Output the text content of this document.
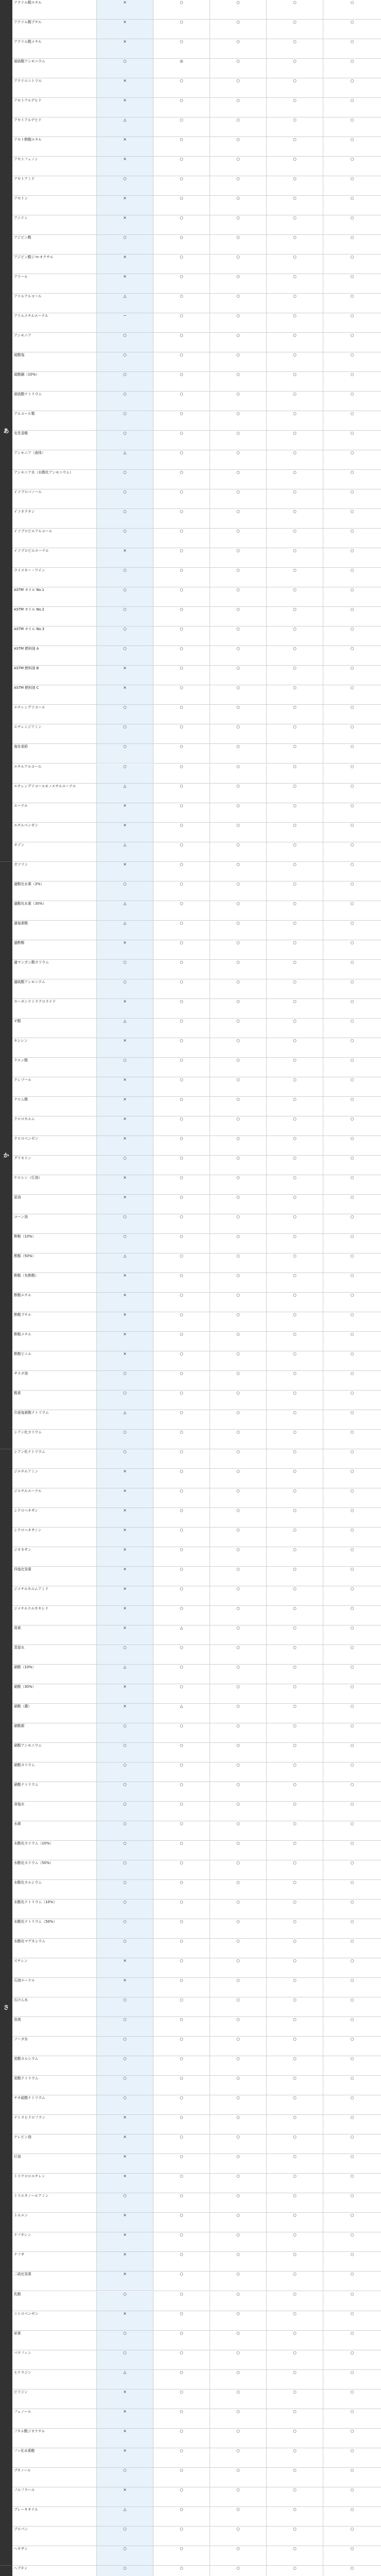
アクリル酸エチル	×	○	○	○	○
アクリル酸ブチル	×	○	○	○	○
アクリル酸メチル	×	○	○	○	○
亜硫酸アンモニウム	○	◎	○	○	○
アクリロニトリル	×	○	○	○	○
アセトアルデヒド	×	○	○	○	○
アセトアルデヒド	△	○	○	○	○
アセト酢酸エチル	×	○	○	○	○
アセトフェノン	×	○	○	○	○
アセトアミド	○	○	○	○	○
アセトン	×	○	○	○	○
アニリン	×	○	○	○	○
アジピン酸	○	○	○	○	○
アジピン酸ジ-n-オクチル	×	○	○	○	○
アリール	×	○	○	○	○
アリルアルコール	△	○	○	○	○
アリルメチルエーテル	−	○	○	○	○
アンモニア	○	○	○	○	○
硫酸塩	○	○	○	○	○
硫酸銅（10%）	○	○	○	○	○
亜硫酸ナトリウム	○	○	○	○	○
アルコール類	○	○	○	○	○
安息香酸	○	○	○	○	○
アンモニア（液体）	△	○	○	○	○
アンモニア水（水酸化アンモニウム）	○	○	○	○	○
イソプロパノール	○	○	○	○	○
イソオクタン	○	○	○	○	○
イソプロピルアルコール	○	○	○	○	○
イソプロピルエーテル	×	○	○	○	○
ウイスキー・ワイン	○	○	○	○	○
ASTM オイル No.1	○	○	○	○	○
ASTM オイル No.2	○	○	○	○	○
ASTM オイル No.3	○	○	○	○	○
ASTM 燃料油 A	○	○	○	○	○
ASTM 燃料油 B	×	○	○	○	○
ASTM 燃料油 C	×	○	○	○	○
エチレングリコール	○	○	○	○	○
エチレンジアミン	○	○	○	○	○
塩化亜鉛	○	○	○	○	○
エチルアルコール	○	○	○	○	○
エチレングリコールモノエチルエーテル	△	○	○	○	○
エーテル	×	○	○	○	○
エチルベンゼン	×	○	○	○	○
オゾン	△	○	○	○	○
ガソリン	×	○	○	○	○
過酸化水素（3%）	○	○	○	○	○
過酸化水素（30%）	△	○	○	○	○
過塩素酸	△	○	○	○	○
過酢酸	×	○	○	○	○
過マンガン酸カリウム	○	○	○	○	○
過硫酸アンモニウム	○	○	○	○	○
カーボンテトラクロライド	×	○	○	○	○
ギ酸	△	○	○	○	○
キシレン	×	○	○	○	○
クエン酸	○	○	○	○	○
クレゾール	×	○	○	○	○
クロム酸	×	○	○	○	○
クロロホルム	×	○	○	○	○
クロロベンゼン	×	○	○	○	○
グリセリン	○	○	○	○	○
ケロシン（灯油）	×	○	○	○	○
原油	×	○	○	○	○
コーン油	○	○	○	○	○
酢酸（10%）	○	○	○	○	○
酢酸（50%）	△	○	○	○	○
酢酸（氷酢酸）	×	○	○	○	○
酢酸エチル	×	○	○	○	○
酢酸ブチル	×	○	○	○	○
酢酸メチル	×	○	○	○	○
酢酸ビニル	×	○	○	○	○
サラダ油	○	○	○	○	○
酸素	○	○	○	○	○
次亜塩素酸ナトリウム	△	○	○	○	○
シアン化カリウム	○	○	○	○	○
シアン化ナトリウム	○	○	○	○	○
ジエチルアミン	×	○	○	○	○
ジエチルエーテル	×	○	○	○	○
シクロヘキサン	×	○	○	○	○
シクロヘキサノン	×	○	○	○	○
ジオキサン	×	○	○	○	○
四塩化炭素	×	○	○	○	○
ジメチルホルムアミド	×	○	○	○	○
ジメチルスルホキシド	×	○	○	○	○
臭素	×	△	○	○	○
蒸留水	○	○	○	○	○
硝酸（10%）	△	○	○	○	○
硝酸（30%）	×	○	○	○	○
硝酸（濃）	×	△	○	○	○
硝酸銀	○	○	○	○	○
硝酸アンモニウム	○	○	○	○	○
硝酸カリウム	○	○	○	○	○
硝酸ナトリウム	○	○	○	○	○
食塩水	○	○	○	○	○
水銀	○	○	○	○	○
水酸化カリウム（10%）	○	○	○	○	○
水酸化カリウム（50%）	○	○	○	○	○
水酸化カルシウム	○	○	○	○	○
水酸化ナトリウム（10%）	○	○	○	○	○
水酸化ナトリウム（50%）	○	○	○	○	○
水酸化マグネシウム	○	○	○	○	○
スチレン	×	○	○	○	○
石油エーテル	×	○	○	○	○
石けん水	○	○	○	○	○
洗剤	○	○	○	○	○
ソーダ水	○	○	○	○	○
炭酸カルシウム	○	○	○	○	○
炭酸ナトリウム	○	○	○	○	○
チオ硫酸ナトリウム	○	○	○	○	○
テトラヒドロフラン	×	○	○	○	○
テレビン油	×	○	○	○	○
灯油	×	○	○	○	○
トリクロロエチレン	×	○	○	○	○
トリエタノールアミン	○	○	○	○	○
トルエン	×	○	○	○	○
ナフタレン	×	○	○	○	○
ナフサ	×	○	○	○	○
二硫化炭素	×	○	○	○	○
乳酸	○	○	○	○	○
ニトロベンゼン	×	○	○	○	○
尿素	○	○	○	○	○
パラフィン	○	○	○	○	○
ヒドラジン	△	○	○	○	○
ピリジン	×	○	○	○	○
フェノール	×	○	○	○	○
フタル酸ジオクチル	×	○	○	○	○
フッ化水素酸	×	○	○	○	○
ブタノール	○	○	○	○	○
フルフラール	×	○	○	○	○
ブレーキオイル	△	○	○	○	○
プロパン	○	○	○	○	○
ヘキサン	○	○	○	○	○
ヘプタン	○	○	○	○	○
あ
か
さ
